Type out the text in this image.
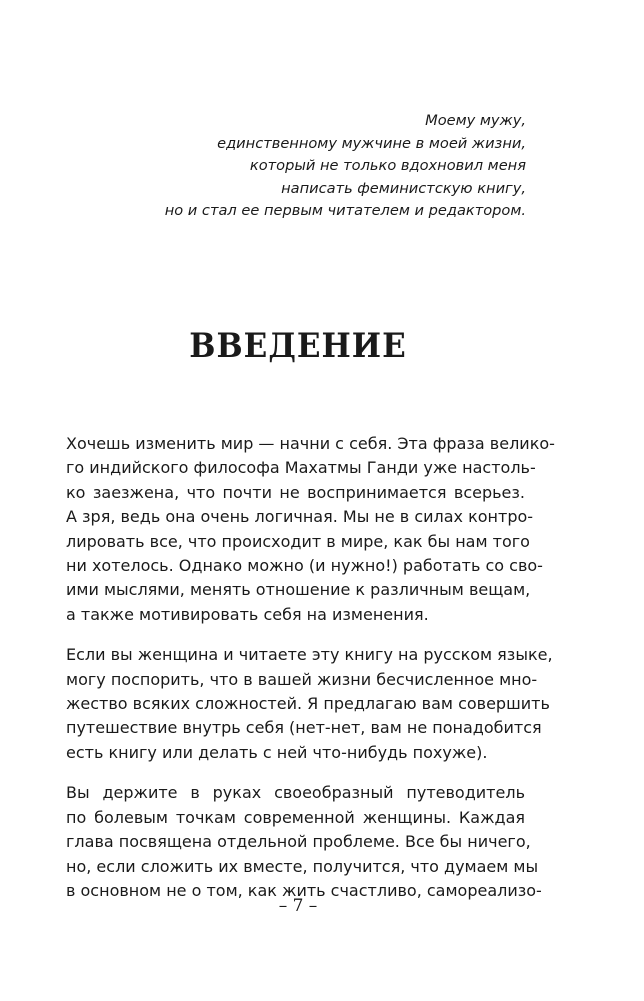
Моему мужу,
единственному мужчине в моей жизни,
который не только вдохновил меня
написать феминистскую книгу,
но и стал ее первым читателем и редактором.
ВВЕДЕНИЕ

Хочешь изменить мир — начни с себя. Эта фраза велико-
го индийского философа Махатмы Ганди уже настоль-
ко заезжена, что почти не воспринимается всерьез.
А зря, ведь она очень логичная. Мы не в силах контро-
лировать все, что происходит в мире, как бы нам того
ни хотелось. Однако можно (и нужно!) работать со сво-
ими мыслями, менять отношение к различным вещам,
а также мотивировать себя на изменения.

Если вы женщина и читаете эту книгу на русском языке,
могу поспорить, что в вашей жизни бесчисленное мно-
жество всяких сложностей. Я предлагаю вам совершить
путешествие внутрь себя (нет-нет, вам не понадобится
есть книгу или делать с ней что-нибудь похуже).

Вы держите в руках своеобразный путеводитель
по болевым точкам современной женщины. Каждая
глава посвящена отдельной проблеме. Все бы ничего,
но, если сложить их вместе, получится, что думаем мы
в основном не о том, как жить счастливо, самореализо-

– 7 –
